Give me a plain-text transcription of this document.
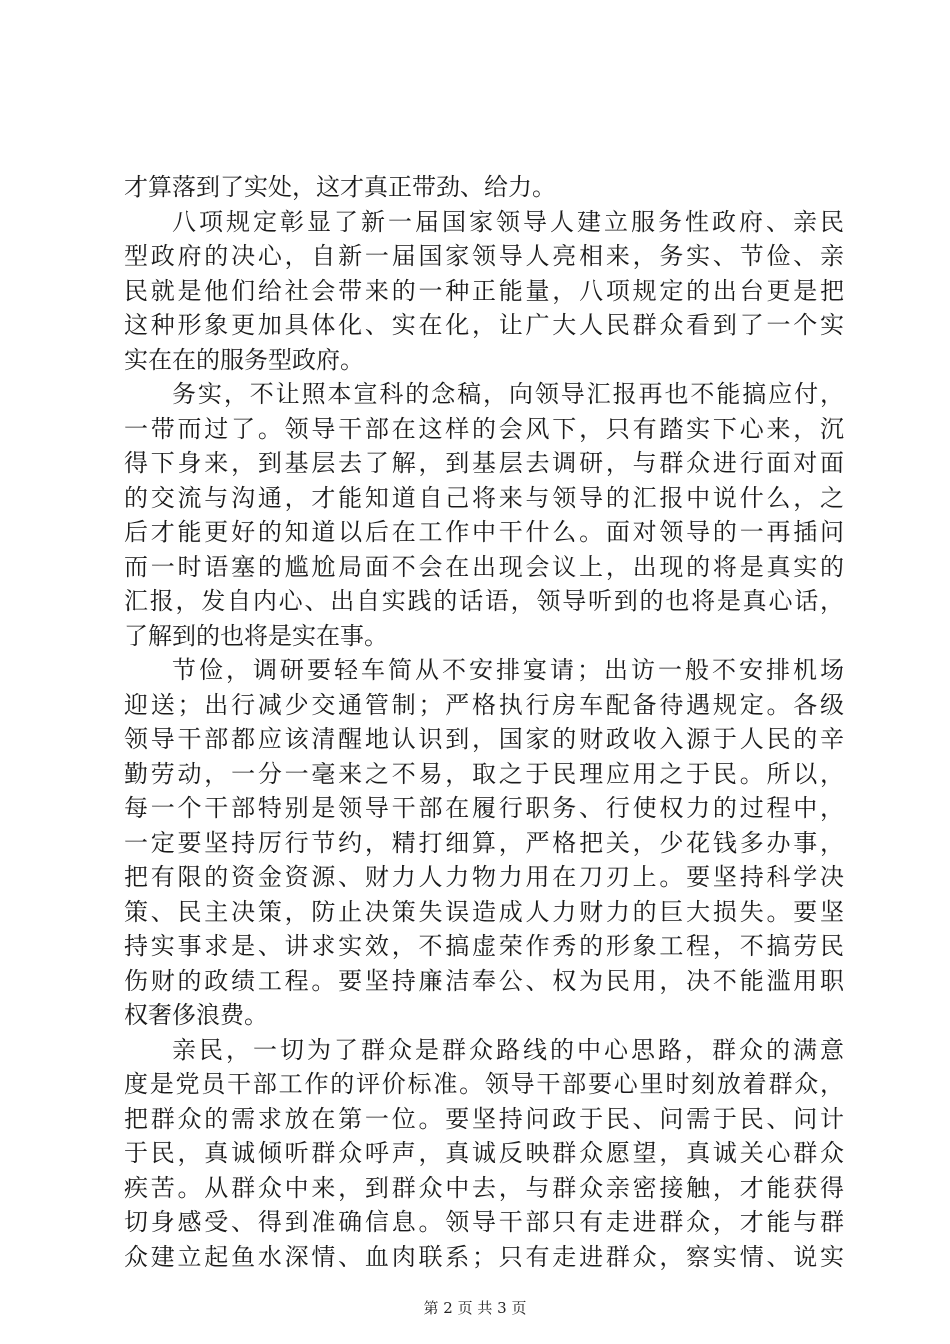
才算落到了实处，这才真正带劲、给力。
八项规定彰显了新一届国家领导人建立服务性政府、亲民
型政府的决心，自新一届国家领导人亮相来，务实、节俭、亲
民就是他们给社会带来的一种正能量，八项规定的出台更是把
这种形象更加具体化、实在化，让广大人民群众看到了一个实
实在在的服务型政府。
务实，不让照本宣科的念稿，向领导汇报再也不能搞应付，
一带而过了。领导干部在这样的会风下，只有踏实下心来，沉
得下身来，到基层去了解，到基层去调研，与群众进行面对面
的交流与沟通，才能知道自己将来与领导的汇报中说什么，之
后才能更好的知道以后在工作中干什么。面对领导的一再插问
而一时语塞的尴尬局面不会在出现会议上，出现的将是真实的
汇报，发自内心、出自实践的话语，领导听到的也将是真心话，
了解到的也将是实在事。
节俭，调研要轻车简从不安排宴请；出访一般不安排机场
迎送；出行减少交通管制；严格执行房车配备待遇规定。各级
领导干部都应该清醒地认识到，国家的财政收入源于人民的辛
勤劳动，一分一毫来之不易，取之于民理应用之于民。所以，
每一个干部特别是领导干部在履行职务、行使权力的过程中，
一定要坚持厉行节约，精打细算，严格把关，少花钱多办事，
把有限的资金资源、财力人力物力用在刀刃上。要坚持科学决
策、民主决策，防止决策失误造成人力财力的巨大损失。要坚
持实事求是、讲求实效，不搞虚荣作秀的形象工程，不搞劳民
伤财的政绩工程。要坚持廉洁奉公、权为民用，决不能滥用职
权奢侈浪费。
亲民，一切为了群众是群众路线的中心思路，群众的满意
度是党员干部工作的评价标准。领导干部要心里时刻放着群众，
把群众的需求放在第一位。要坚持问政于民、问需于民、问计
于民，真诚倾听群众呼声，真诚反映群众愿望，真诚关心群众
疾苦。从群众中来，到群众中去，与群众亲密接触，才能获得
切身感受、得到准确信息。领导干部只有走进群众，才能与群
众建立起鱼水深情、血肉联系；只有走进群众，察实情、说实
第 2 页 共 3 页
